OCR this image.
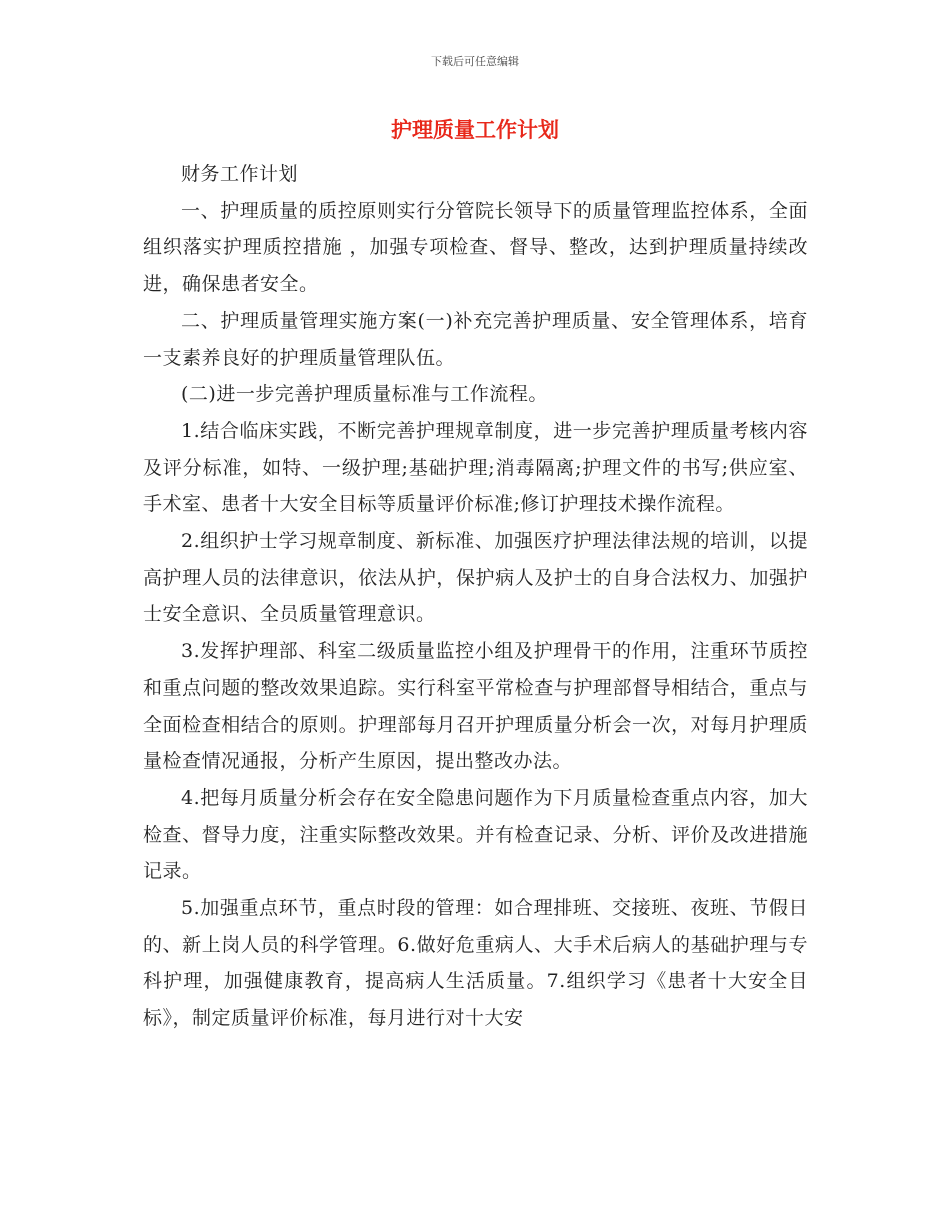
下载后可任意编辑
护理质量工作计划

财务工作计划

一、护理质量的质控原则实行分管院长领导下的质量管理监控体系，全面组织落实护理质控措施 ，加强专项检查、督导、整改，达到护理质量持续改进，确保患者安全。

二、护理质量管理实施方案(一)补充完善护理质量、安全管理体系，培育一支素养良好的护理质量管理队伍。

(二)进一步完善护理质量标准与工作流程。

1.结合临床实践，不断完善护理规章制度，进一步完善护理质量考核内容及评分标准，如特、一级护理;基础护理;消毒隔离;护理文件的书写;供应室、手术室、患者十大安全目标等质量评价标准;修订护理技术操作流程。

2.组织护士学习规章制度、新标准、加强医疗护理法律法规的培训，以提高护理人员的法律意识，依法从护，保护病人及护士的自身合法权力、加强护士安全意识、全员质量管理意识。

3.发挥护理部、科室二级质量监控小组及护理骨干的作用，注重环节质控和重点问题的整改效果追踪。实行科室平常检查与护理部督导相结合，重点与全面检查相结合的原则。护理部每月召开护理质量分析会一次，对每月护理质量检查情况通报，分析产生原因，提出整改办法。

4.把每月质量分析会存在安全隐患问题作为下月质量检查重点内容，加大检查、督导力度，注重实际整改效果。并有检查记录、分析、评价及改进措施记录。

5.加强重点环节，重点时段的管理：如合理排班、交接班、夜班、节假日的、新上岗人员的科学管理。6.做好危重病人、大手术后病人的基础护理与专科护理，加强健康教育，提高病人生活质量。7.组织学习《患者十大安全目标》，制定质量评价标准，每月进行对十大安
